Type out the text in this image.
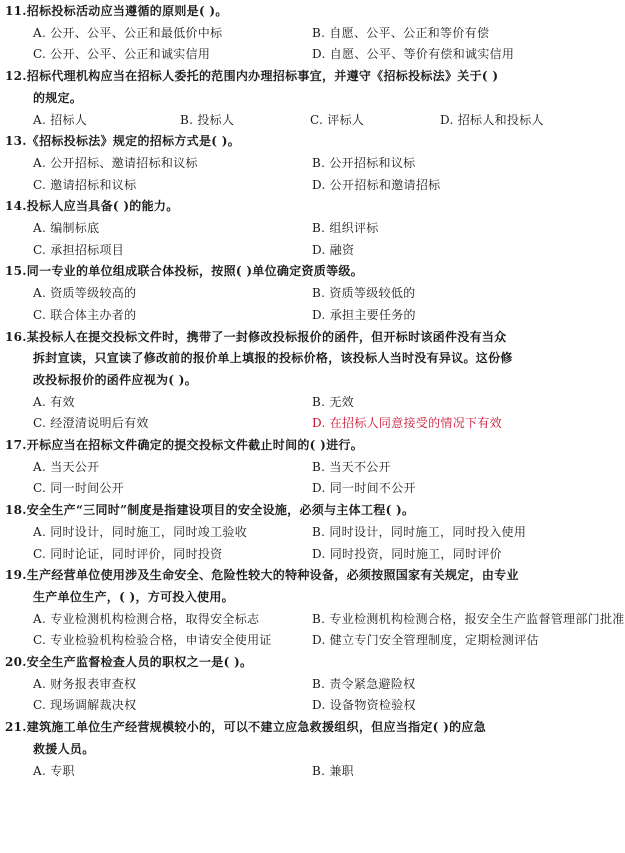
11.招标投标活动应当遵循的原则是( )。
A. 公开、公平、公正和最低价中标	B. 自愿、公平、公正和等价有偿
C. 公开、公平、公正和诚实信用	D. 自愿、公平、等价有偿和诚实信用
12.招标代理机构应当在招标人委托的范围内办理招标事宜，并遵守《招标投标法》关于( )
的规定。
A. 招标人	B. 投标人	C. 评标人	D. 招标人和投标人
13.《招标投标法》规定的招标方式是( )。
A. 公开招标、邀请招标和议标	B. 公开招标和议标
C. 邀请招标和议标	D. 公开招标和邀请招标
14.投标人应当具备( )的能力。
A. 编制标底	B. 组织评标
C. 承担招标项目	D. 融资
15.同一专业的单位组成联合体投标，按照( )单位确定资质等级。
A. 资质等级较高的	B. 资质等级较低的
C. 联合体主办者的	D. 承担主要任务的
16.某投标人在提交投标文件时，携带了一封修改投标报价的函件，但开标时该函件没有当众
拆封宣读，只宣读了修改前的报价单上填报的投标价格，该投标人当时没有异议。这份修
改投标报价的函件应视为( )。
A. 有效	B. 无效
C. 经澄清说明后有效	D. 在招标人同意接受的情况下有效
17.开标应当在招标文件确定的提交投标文件截止时间的( )进行。
A. 当天公开	B. 当天不公开
C. 同一时间公开	D. 同一时间不公开
18.安全生产“三同时”制度是指建设项目的安全设施，必须与主体工程( )。
A. 同时设计，同时施工，同时竣工验收	B. 同时设计，同时施工，同时投入使用
C. 同时论证，同时评价，同时投资	D. 同时投资，同时施工，同时评价
19.生产经营单位使用涉及生命安全、危险性较大的特种设备，必须按照国家有关规定，由专业
生产单位生产，( )，方可投入使用。
A. 专业检测机构检测合格，取得安全标志	B. 专业检测机构检测合格，报安全生产监督管理部门批准
C. 专业检验机构检验合格，申请安全使用证	D. 健立专门安全管理制度，定期检测评估
20.安全生产监督检查人员的职权之一是( )。
A. 财务报表审查权	B. 责令紧急避险权
C. 现场调解裁决权	D. 设备物资检验权
21.建筑施工单位生产经营规模较小的，可以不建立应急救援组织，但应当指定( )的应急
救援人员。
A. 专职	B. 兼职
